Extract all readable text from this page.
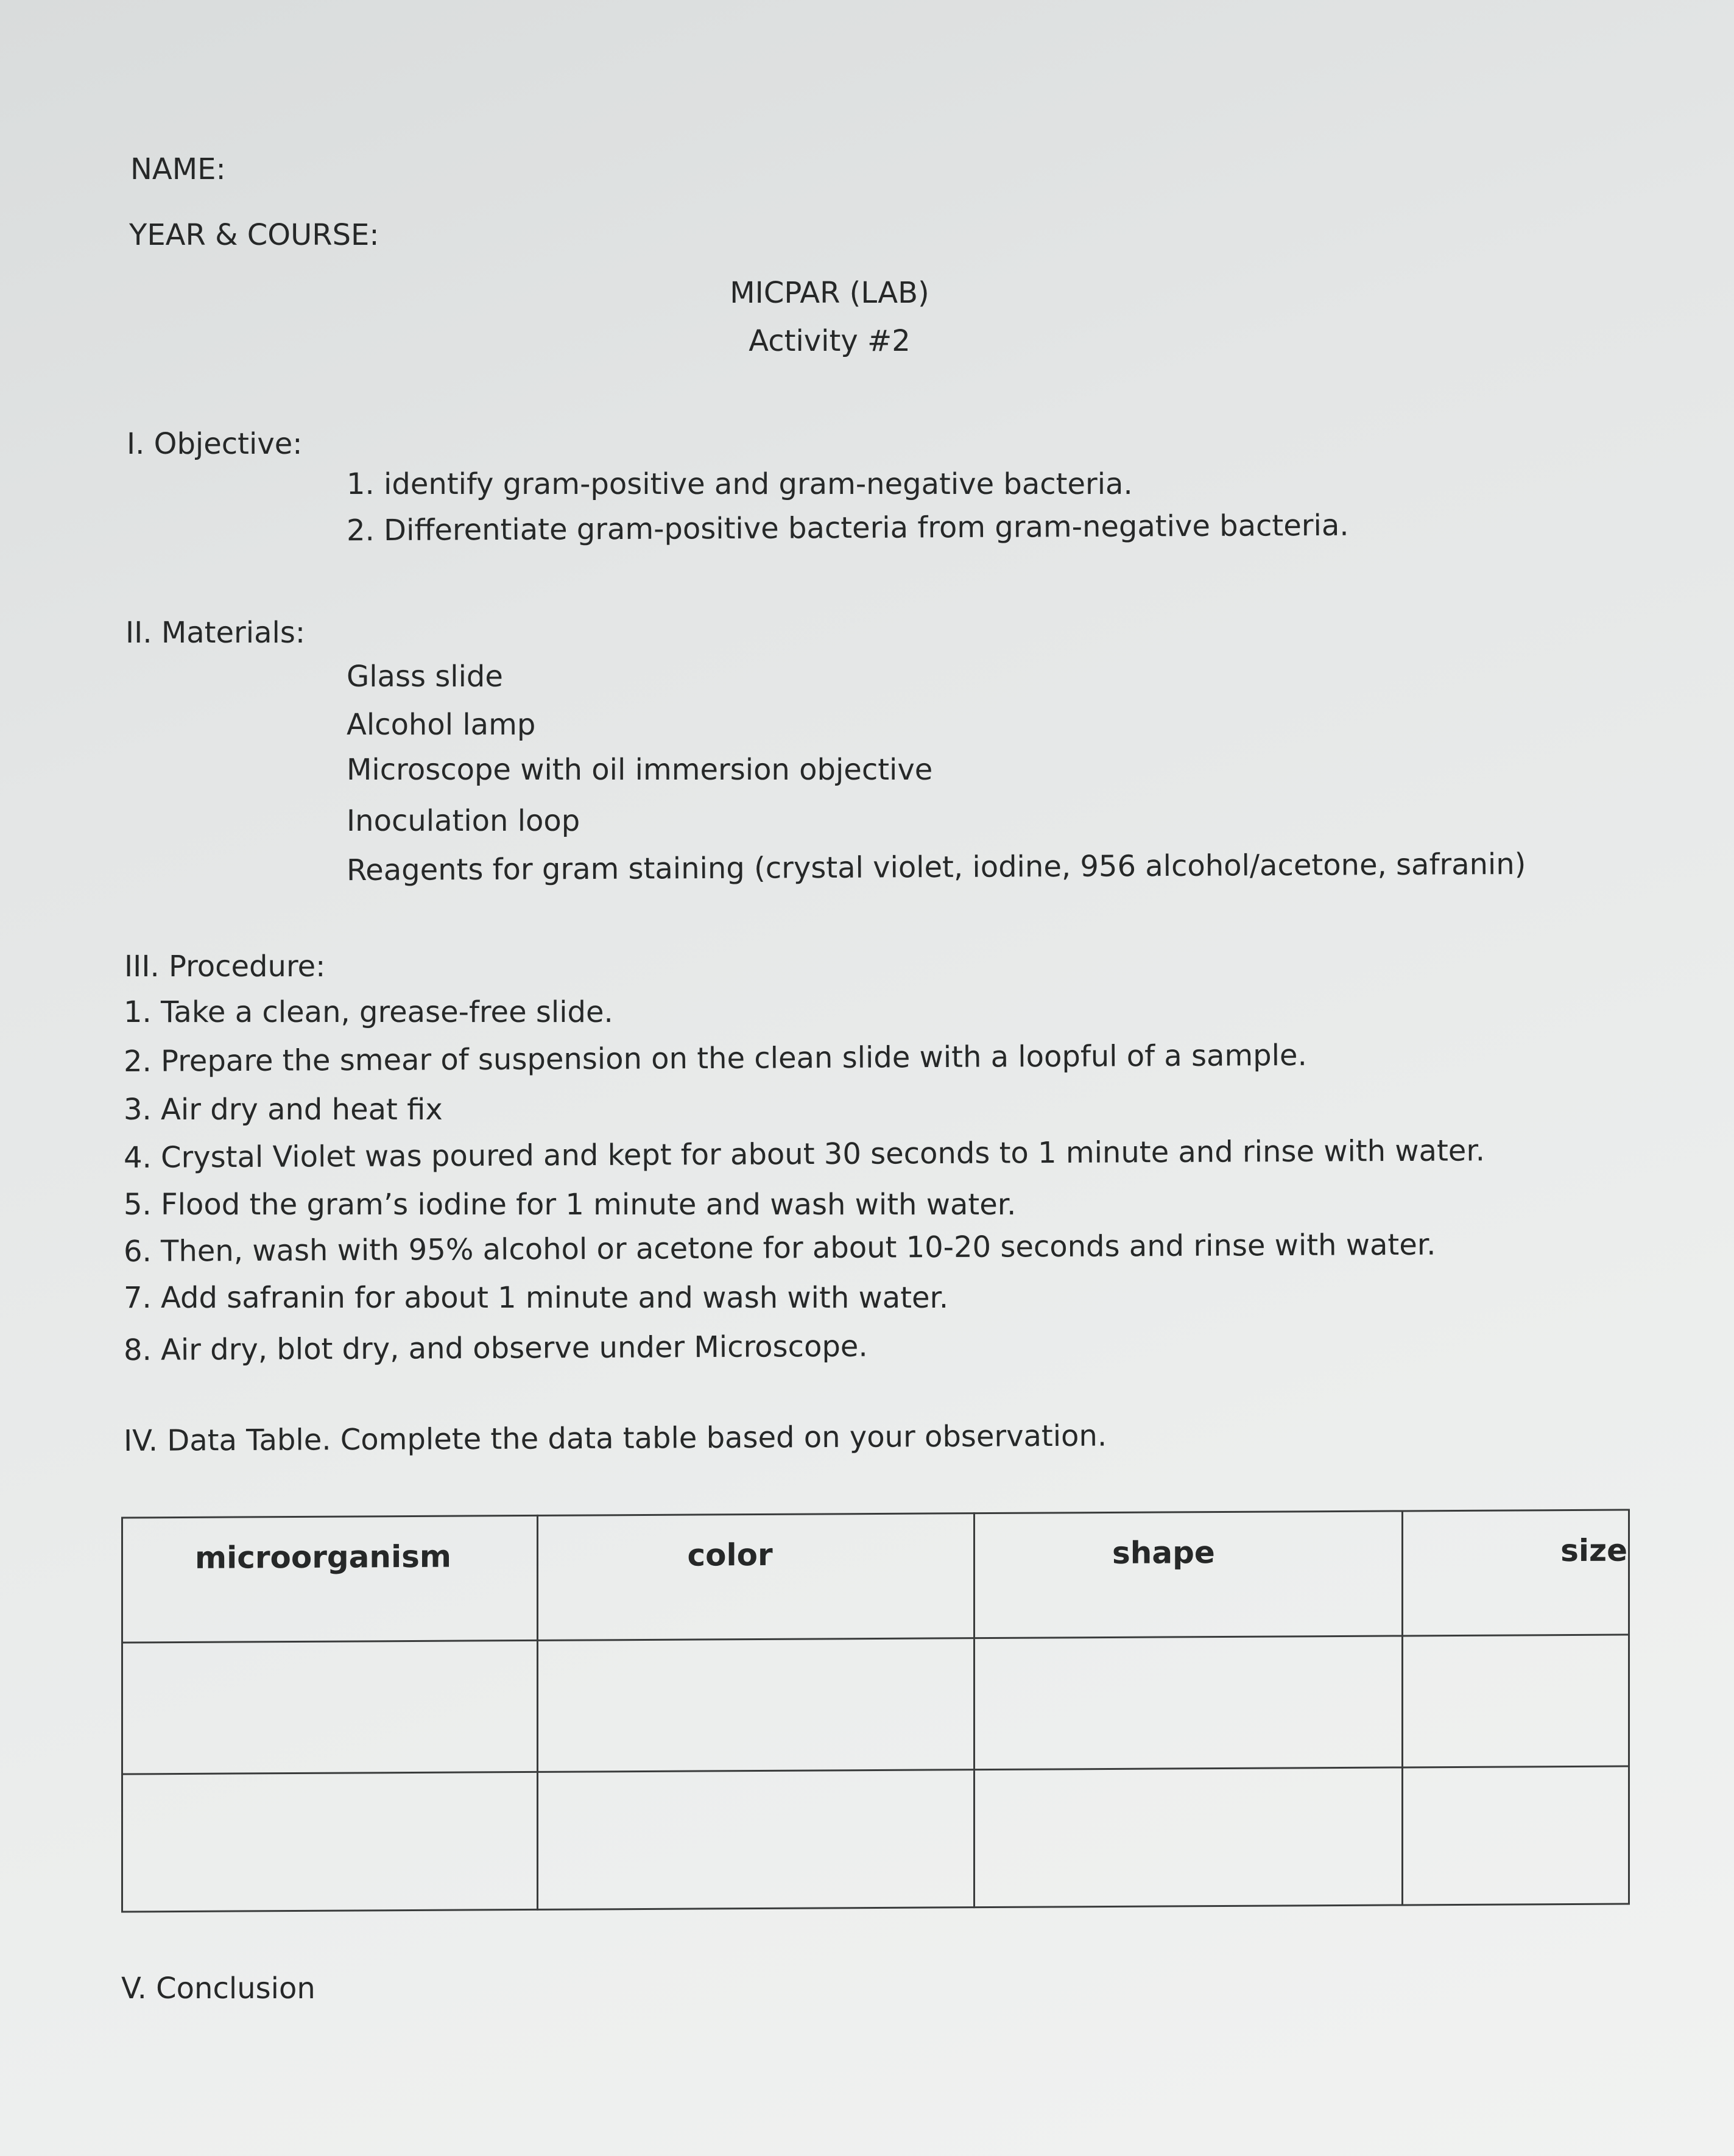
NAME:
YEAR & COURSE:
MICPAR (LAB)
Activity #2
I. Objective:
1. identify gram-positive and gram-negative bacteria.
2. Differentiate gram-positive bacteria from gram-negative bacteria.
II. Materials:
Glass slide
Alcohol lamp
Microscope with oil immersion objective
Inoculation loop
Reagents for gram staining (crystal violet, iodine, 956 alcohol/acetone, safranin)
III. Procedure:
1. Take a clean, grease-free slide.
2. Prepare the smear of suspension on the clean slide with a loopful of a sample.
3. Air dry and heat fix
4. Crystal Violet was poured and kept for about 30 seconds to 1 minute and rinse with water.
5. Flood the gram’s iodine for 1 minute and wash with water.
6. Then, wash with 95% alcohol or acetone for about 10-20 seconds and rinse with water.
7. Add safranin for about 1 minute and wash with water.
8. Air dry, blot dry, and observe under Microscope.
IV. Data Table. Complete the data table based on your observation.
microorganism	color	shape	size

V. Conclusion
